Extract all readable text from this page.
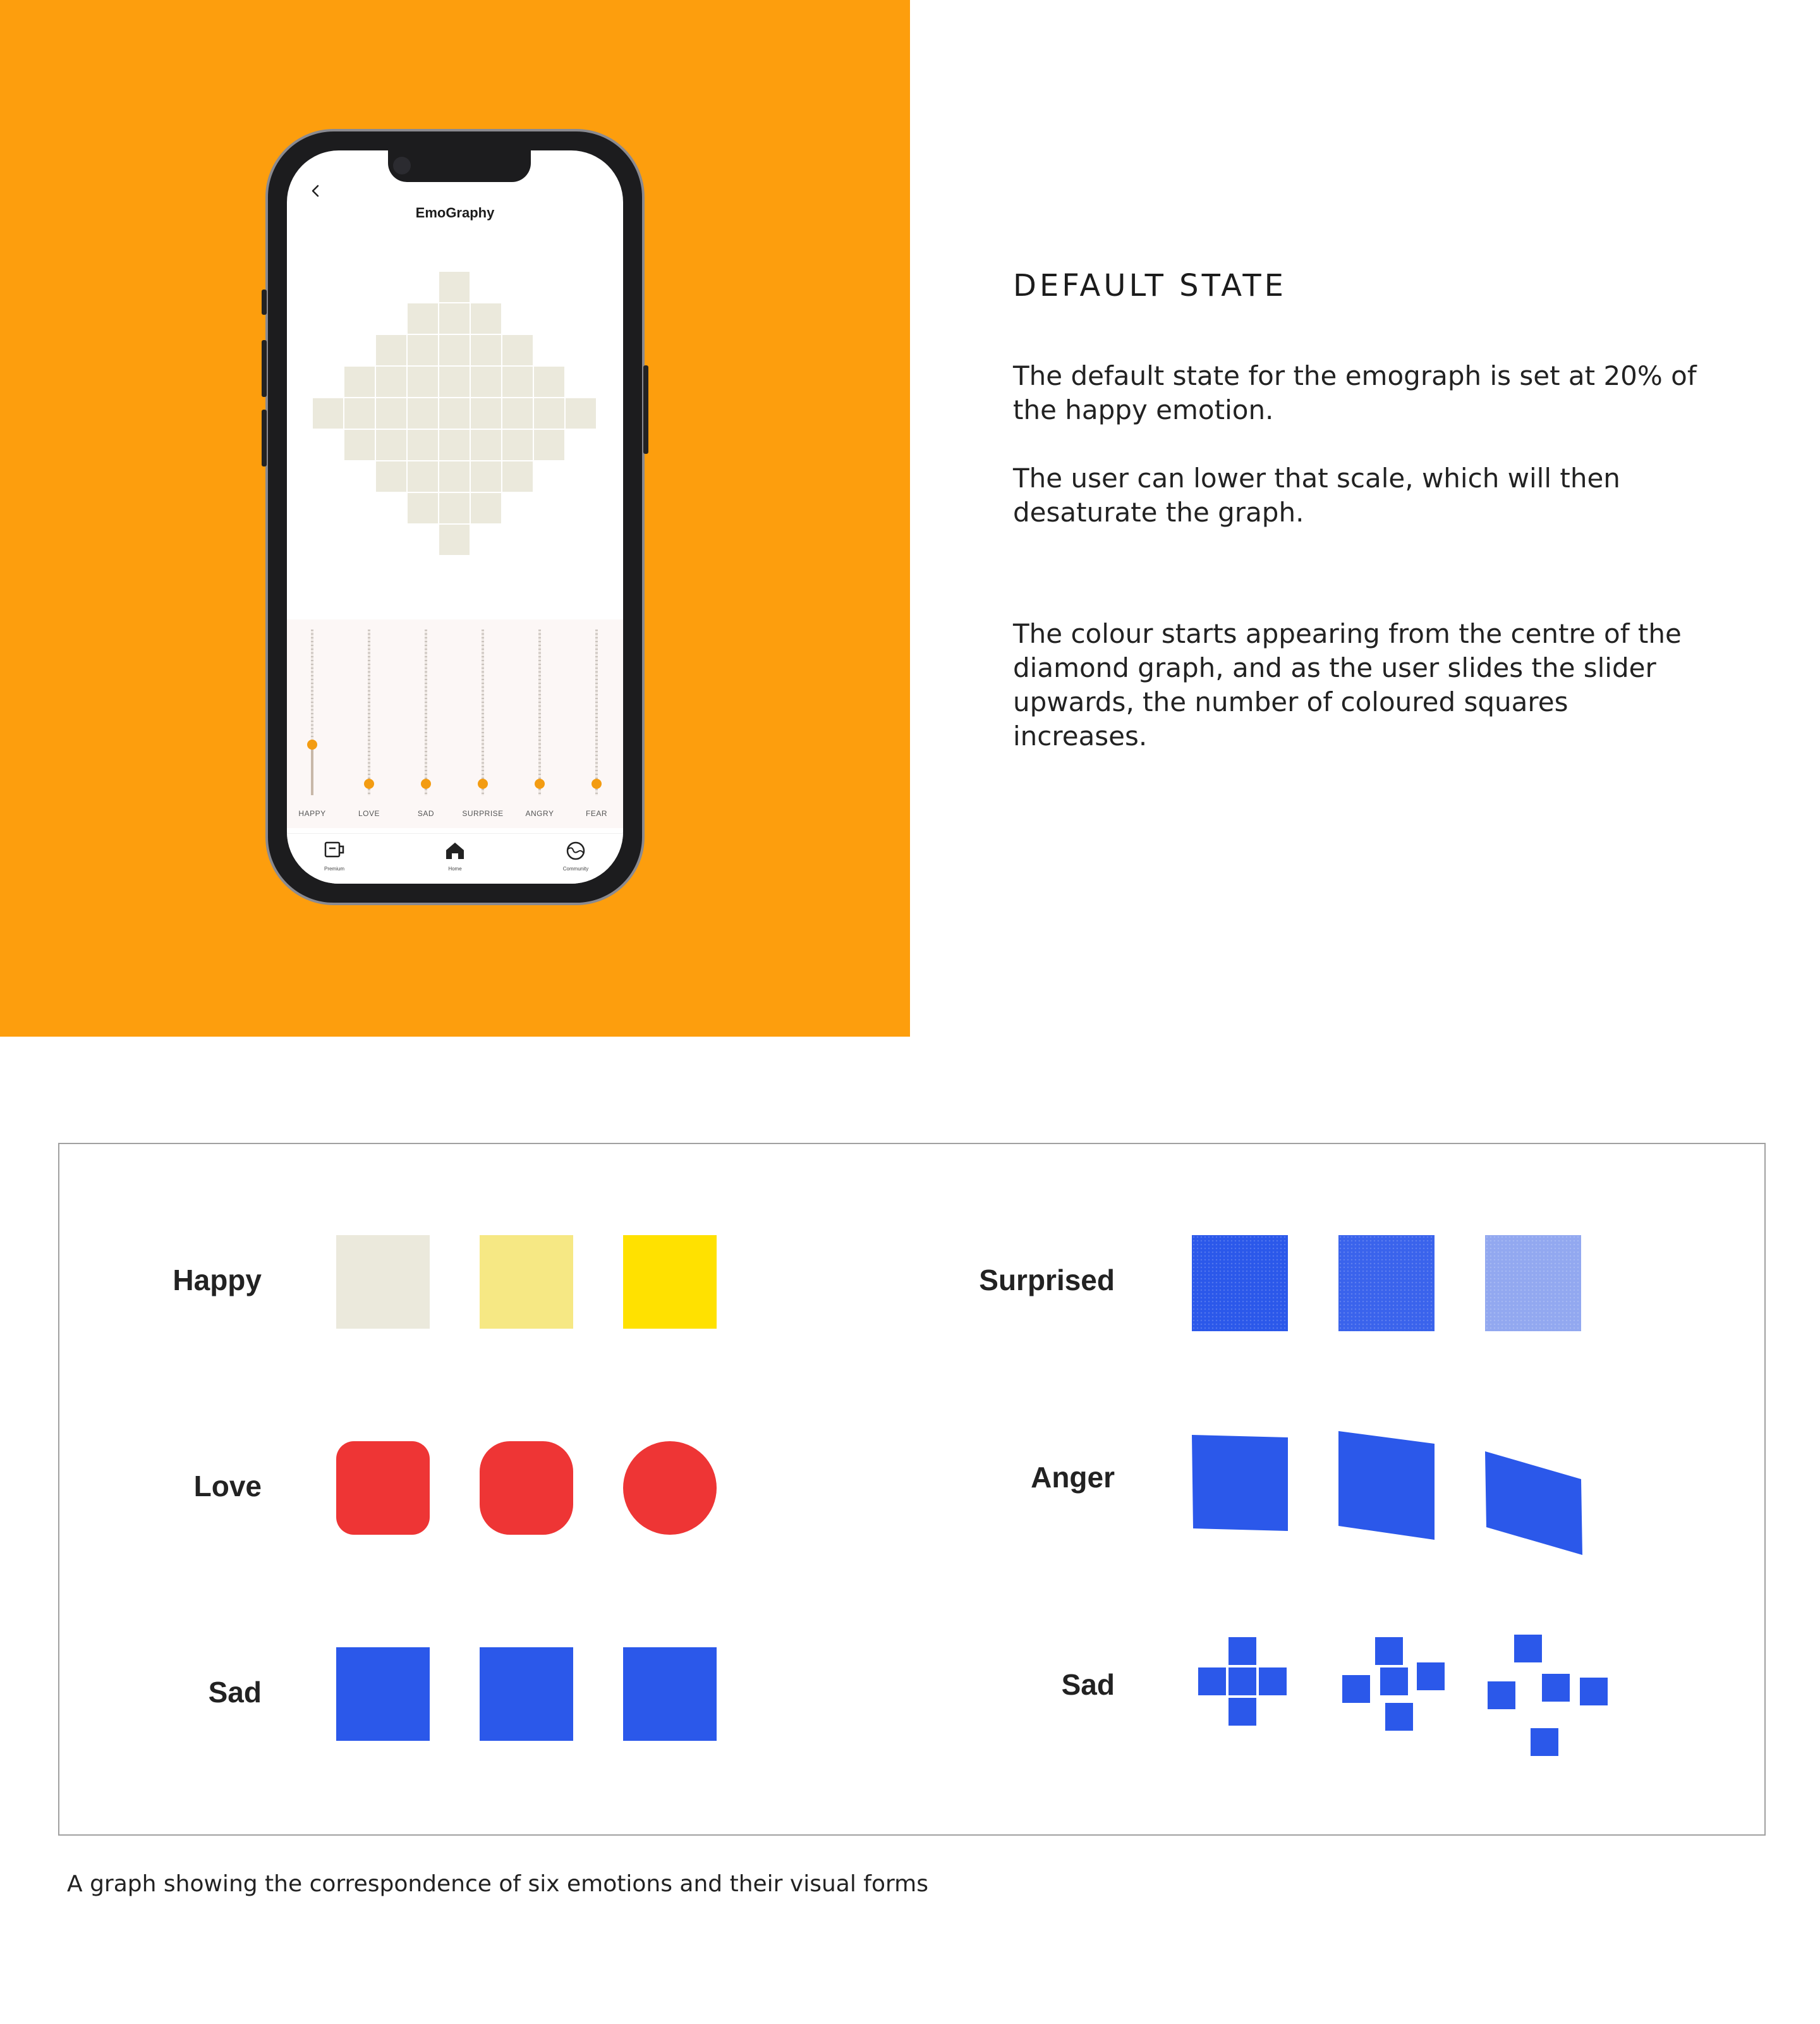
EmoGraphy
HAPPY	LOVE	SAD	SURPRISE	ANGRY	FEAR
Premium	Home	Community
DEFAULT STATE
The default state for the emograph is set at 20% of
the happy emotion.
The user can lower that scale, which will then
desaturate the graph.
The colour starts appearing from the centre of the
diamond graph, and as the user slides the slider
upwards, the number of coloured squares
increases.
Happy
Love
Sad
Surprised
Anger
Sad
A graph showing the correspondence of six emotions and their visual forms
